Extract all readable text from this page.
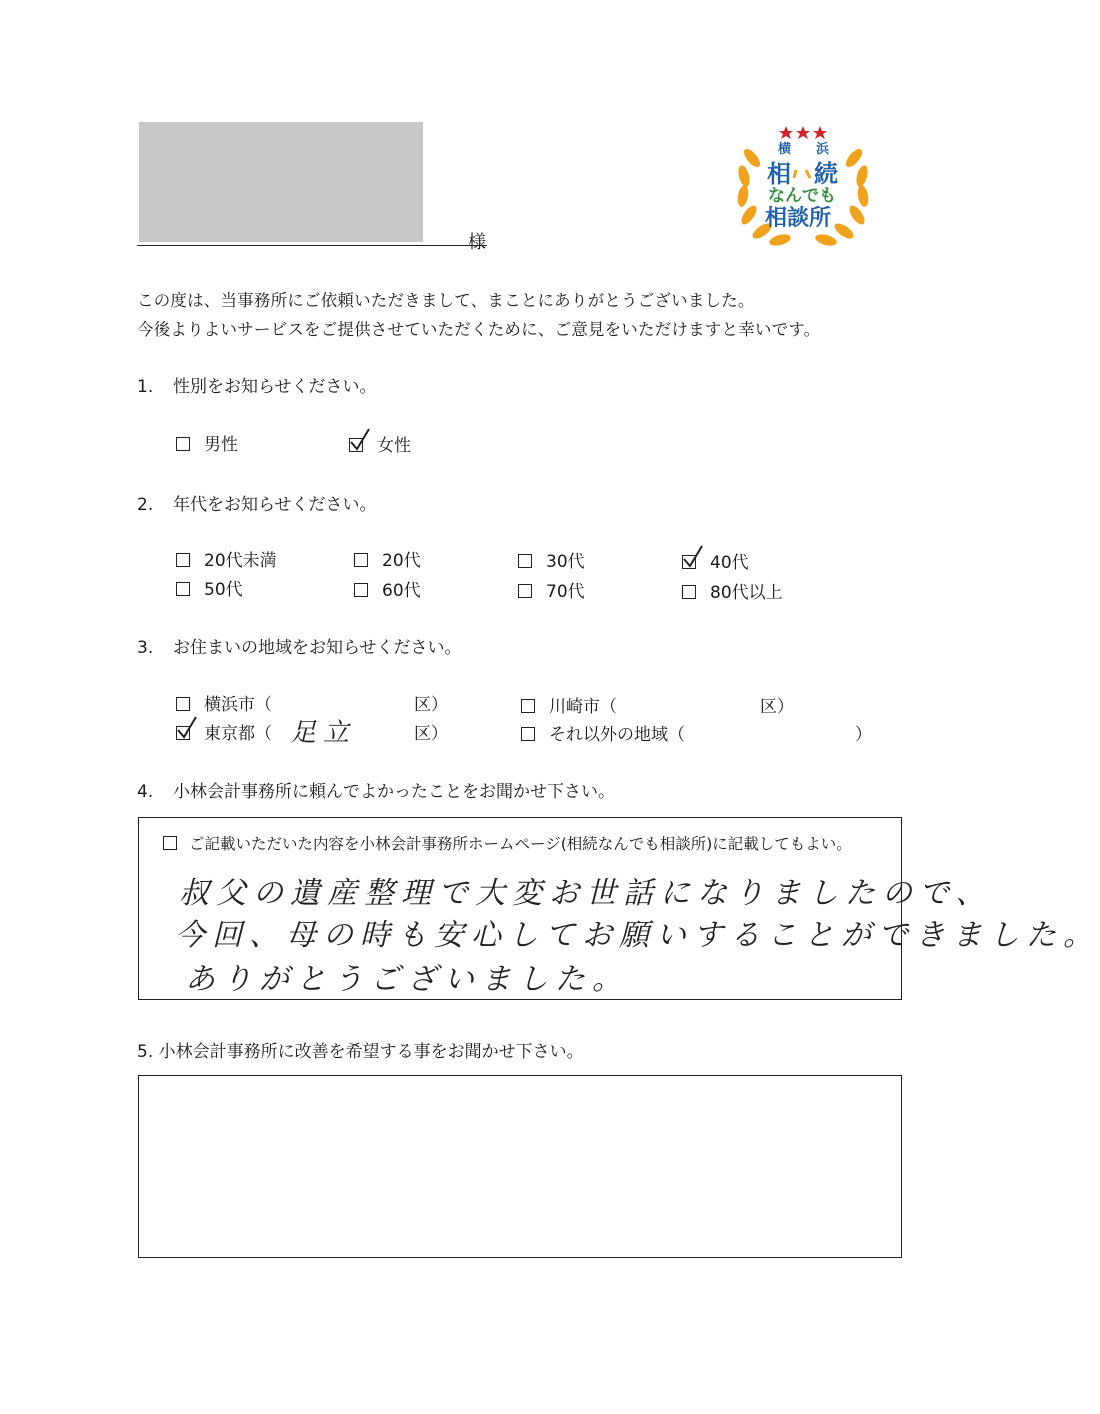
様
横 浜
相 続
なんでも
相談所
この度は、当事務所にご依頼いただきまして、まことにありがとうございました。
今後よりよいサービスをご提供させていただくために、ご意見をいただけますと幸いです。
1. 性別をお知らせください。
男性	女性
2. 年代をお知らせください。
20代未満	20代	30代	40代
50代	60代	70代	80代以上
3. お住まいの地域をお知らせください。
横浜市（	区）	川崎市（	区）
東京都（ 足立	区）	それ以外の地域（	）
4. 小林会計事務所に頼んでよかったことをお聞かせ下さい。
ご記載いただいた内容を小林会計事務所ホームページ(相続なんでも相談所)に記載してもよい。
叔父の遺産整理で大変お世話になりましたので、
今回、母の時も安心してお願いすることができました。
ありがとうございました。
5. 小林会計事務所に改善を希望する事をお聞かせ下さい。
